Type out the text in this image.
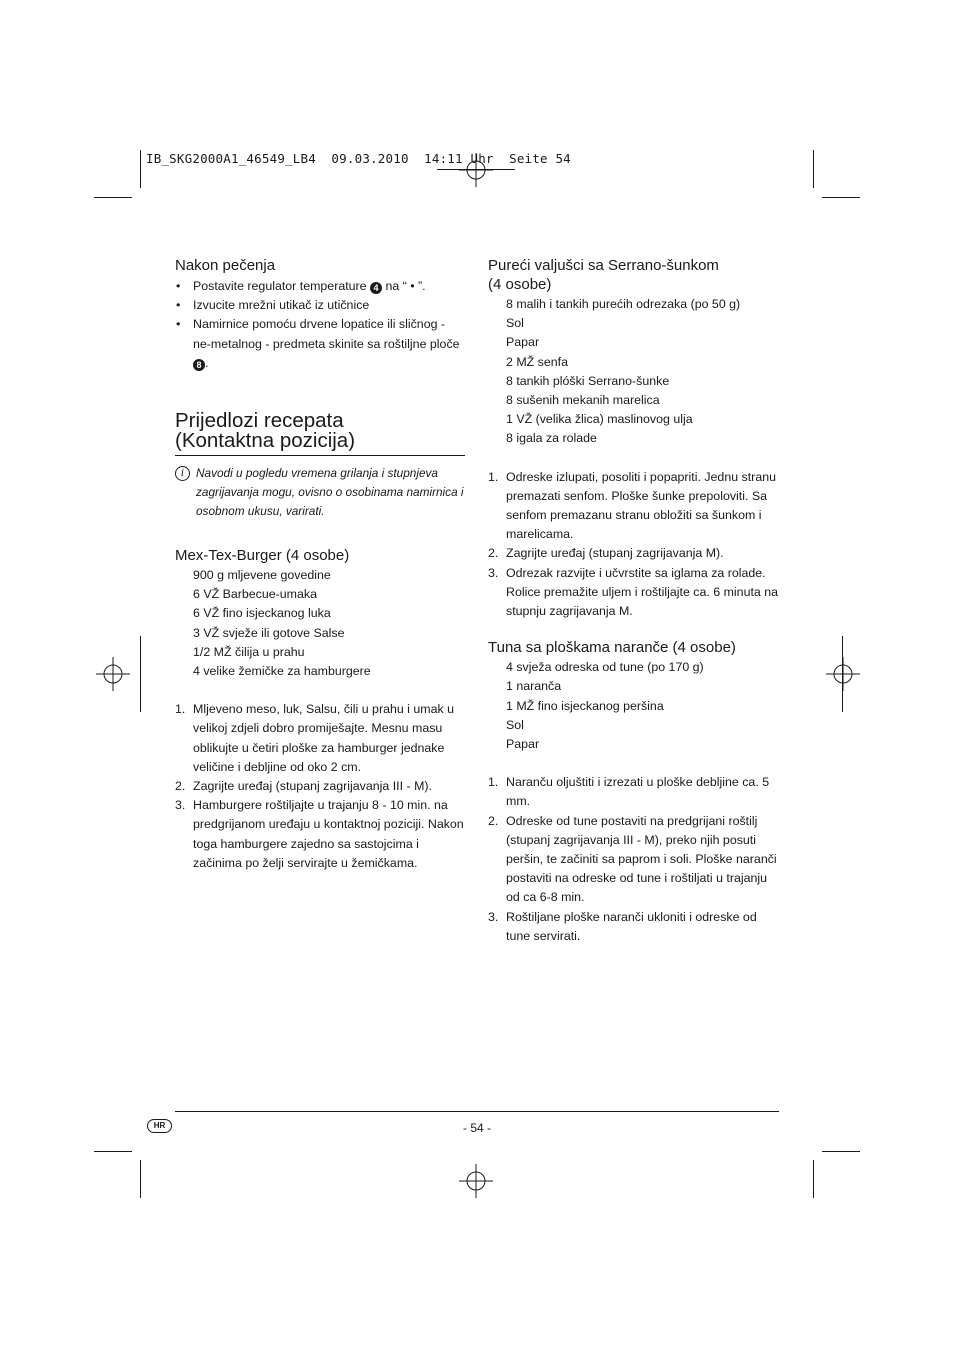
IB_SKG2000A1_46549_LB4  09.03.2010  14:11 Uhr  Seite 54
Nakon pečenja
• Postavite regulator temperature 4 na “ • ”.
• Izvucite mrežni utikač iz utičnice
• Namirnice pomoću drvene lopatice ili sličnog - ne-metalnog - predmeta skinite sa roštiljne ploče 8 .
Prijedlozi recepata
(Kontaktna pozicija)
i	Navodi u pogledu vremena grilanja i stupnjeva zagrijavanja mogu, ovisno o osobinama namirnica i osobnom ukusu, varirati.
Mex-Tex-Burger (4 osobe)
900 g mljevene govedine
6 VŽ Barbecue-umaka
6 VŽ fino isjeckanog luka
3 VŽ svježe ili gotove Salse
1/2 MŽ čilija u prahu
4 velike žemičke za hamburgere
1. Mljeveno meso, luk, Salsu, čili u prahu i umak u velikoj zdjeli dobro promiješajte. Mesnu masu oblikujte u četiri ploške za hamburger jednake veličine i debljine od oko 2 cm.
2. Zagrijte uređaj (stupanj zagrijavanja III - M).
3. Hamburgere roštiljajte u trajanju 8 - 10 min. na predgrijanom uređaju u kontaktnoj poziciji. Nakon toga hamburgere zajedno sa sastojcima i začinima po želji servirajte u žemičkama.
Pureći valjušci sa Serrano-šunkom
(4 osobe)
8 malih i tankih purećih odrezaka (po 50 g)
Sol
Papar
2 MŽ senfa
8 tankih plóški Serrano-šunke
8 sušenih mekanih marelica
1 VŽ (velika žlica) maslinovog ulja
8 igala za rolade
1. Odreske izlupati, posoliti i popapriti. Jednu stranu premazati senfom. Ploške šunke prepoloviti. Sa senfom premazanu stranu obložiti sa šunkom i marelicama.
2. Zagrijte uređaj (stupanj zagrijavanja M).
3. Odrezak razvijte i učvrstite sa iglama za rolade. Rolice premažite uljem i roštiljajte ca. 6 minuta na stupnju zagrijavanja M.
Tuna sa ploškama naranče (4 osobe)
4 svježa odreska od tune (po 170 g)
1 naranča
1 MŽ fino isjeckanog peršina
Sol
Papar
1. Naranču oljuštiti i izrezati u ploške debljine ca. 5 mm.
2. Odreske od tune postaviti na predgrijani roštilj (stupanj zagrijavanja III - M), preko njih posuti peršin, te začiniti sa paprom i soli. Ploške naranči postaviti na odreske od tune i roštiljati u trajanju od ca 6-8 min.
3. Roštiljane ploške naranči ukloniti i odreske od tune servirati.
HR	- 54 -
